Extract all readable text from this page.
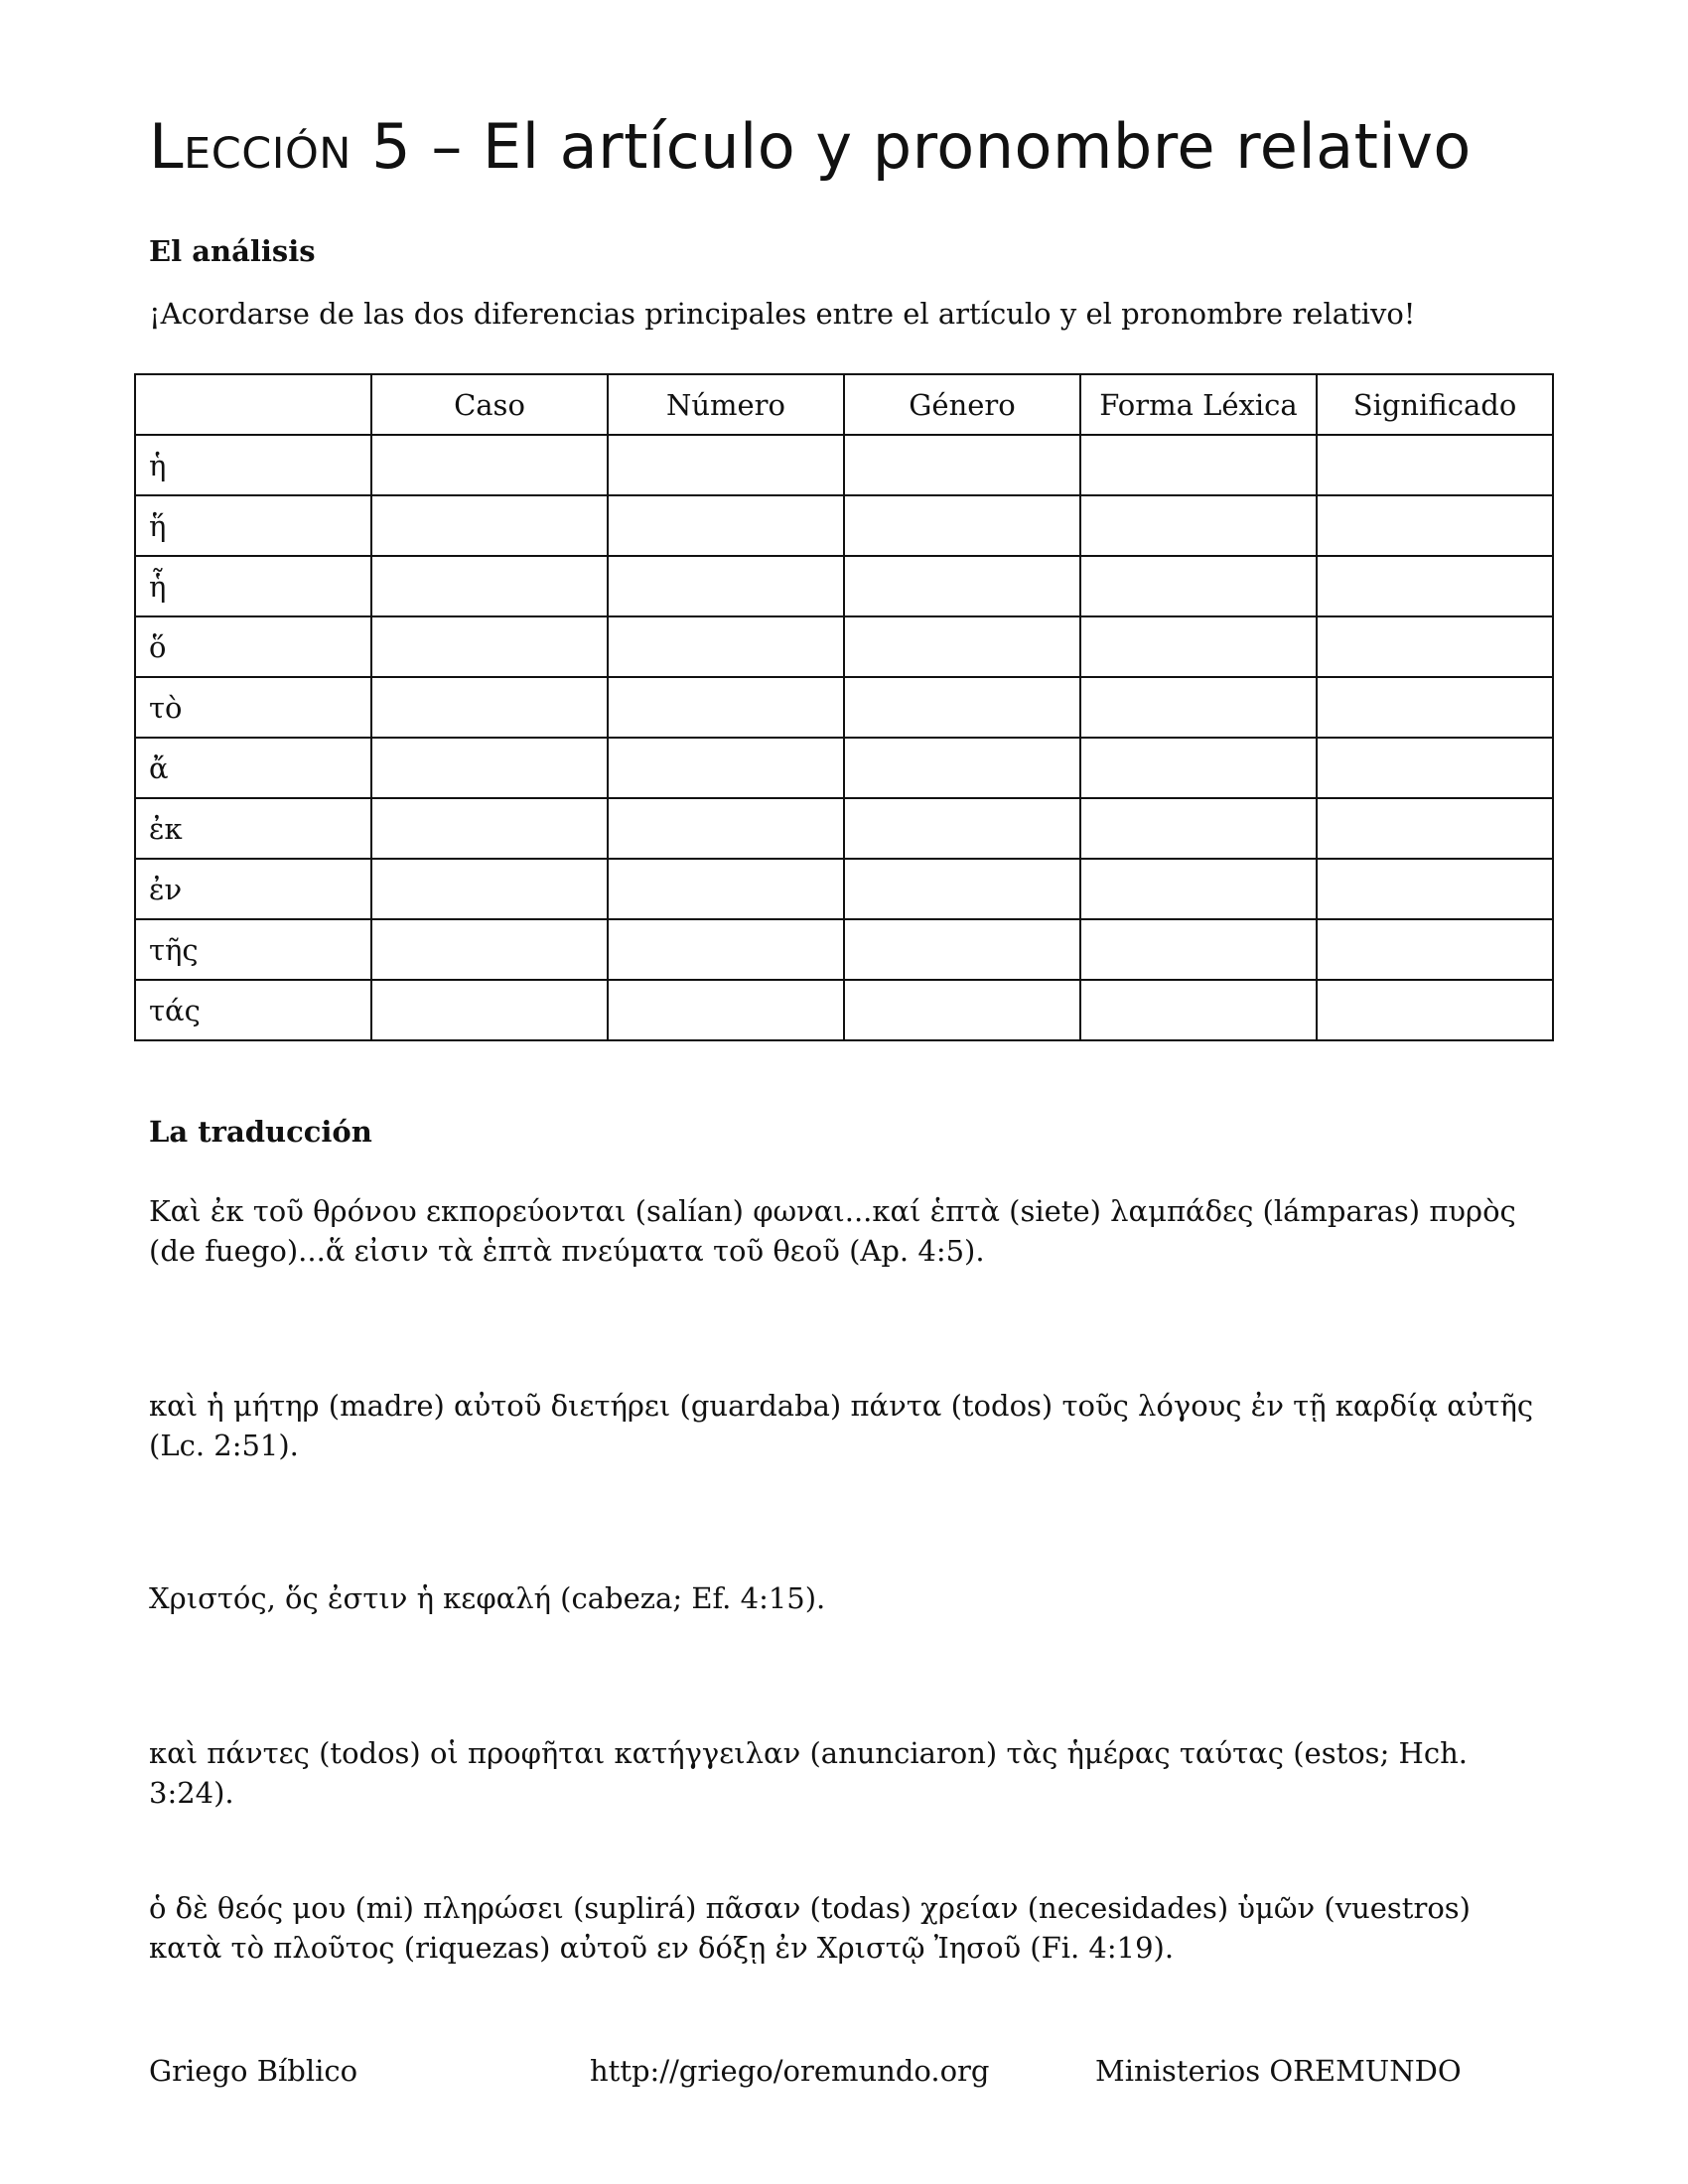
Lección 5 – El artículo y pronombre relativo
El análisis

¡Acordarse de las dos diferencias principales entre el artículo y el pronombre relativo!

	Caso	Número	Género	Forma Léxica	Significado
ἡ					
ἥ					
ἧ					
ὅ					
τὸ					
ἄ					
ἐκ					
ἐν					
τῆς					
τάς					
La traducción

Καὶ ἐκ τοῦ θρόνου εκπορεύονται (salían) φωναι...καί ἑπτὰ (siete) λαμπάδες (lámparas) πυρὸς (de fuego)...ἅ εἰσιν τὰ ἑπτὰ πνεύματα τοῦ θεοῦ (Ap. 4:5).

καὶ ἡ μήτηρ (madre) αὐτοῦ διετήρει (guardaba) πάντα (todos) τοῦς λόγους ἐν τῇ καρδίᾳ αὐτῆς (Lc. 2:51).

Χριστός, ὅς ἐστιν ἡ κεφαλή (cabeza; Ef. 4:15).

καὶ πάντες (todos) οἱ προφῆται κατήγγειλαν (anunciaron) τὰς ἡμέρας ταύτας (estos; Hch. 3:24).

ὁ δὲ θεός μου (mi) πληρώσει (suplirá) πᾶσαν (todas) χρείαν (necesidades) ὑμῶν (vuestros) κατὰ τὸ πλοῦτος (riquezas) αὐτοῦ εν δόξῃ ἐν Χριστῷ Ἰησοῦ (Fi. 4:19).

Griego Bíblico	http://griego/oremundo.org	Ministerios OREMUNDO
